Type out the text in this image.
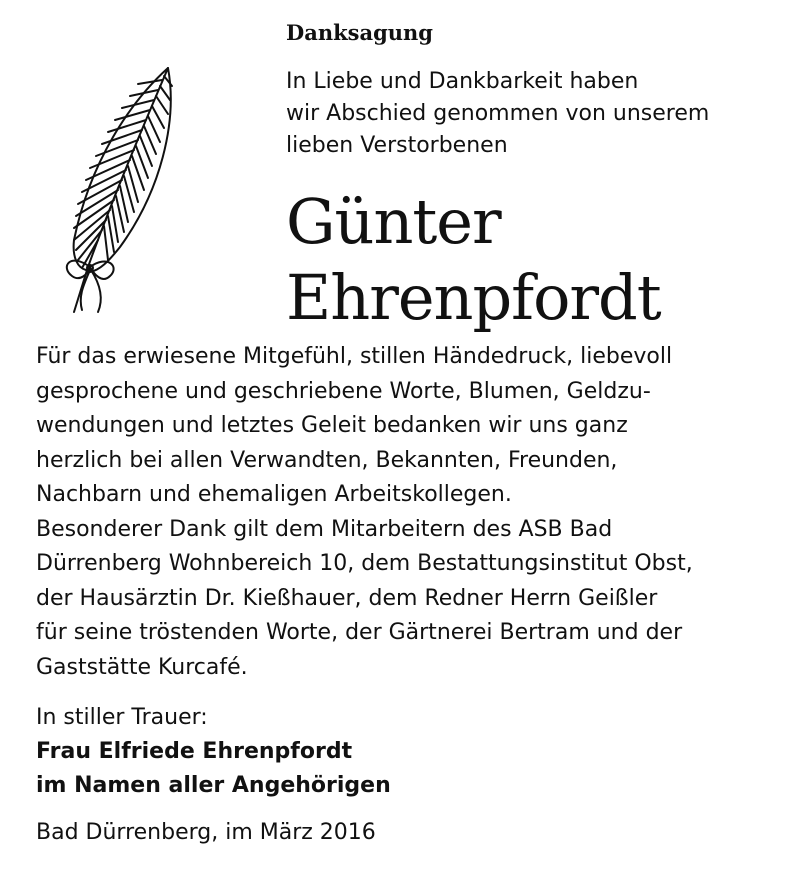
Danksagung
In Liebe und Dankbarkeit haben
wir Abschied genommen von unserem
lieben Verstorbenen
Günter
Ehrenpfordt

Für das erwiesene Mitgefühl, stillen Händedruck, liebevoll
gesprochene und geschriebene Worte, Blumen, Geldzu-
wendungen und letztes Geleit bedanken wir uns ganz
herzlich bei allen Verwandten, Bekannten, Freunden,
Nachbarn und ehemaligen Arbeitskollegen.

Besonderer Dank gilt dem Mitarbeitern des ASB Bad
Dürrenberg Wohnbereich 10, dem Bestattungsinstitut Obst,
der Hausärztin Dr. Kießhauer, dem Redner Herrn Geißler
für seine tröstenden Worte, der Gärtnerei Bertram und der
Gaststätte Kurcafé.

In stiller Trauer:
Frau Elfriede Ehrenpfordt
im Namen aller Angehörigen
Bad Dürrenberg, im März 2016
